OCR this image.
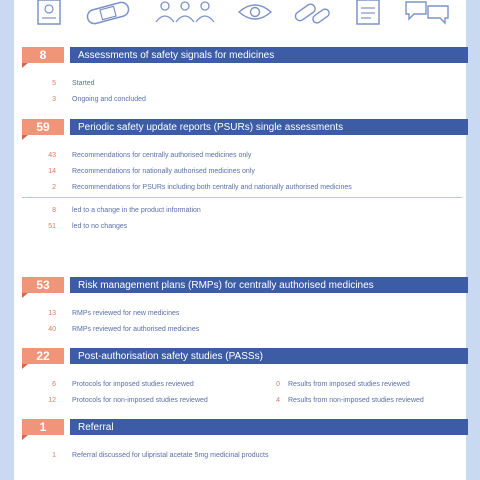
8	Assessments of safety signals for medicines
5	Started
3	Ongoing and concluded
59	Periodic safety update reports (PSURs) single assessments
43	Recommendations for centrally authorised medicines only
14	Recommendations for nationally authorised medicines only
2	Recommendations for PSURs including both centrally and nationally authorised medicines
8	led to a change in the product information
51	led to no changes
53	Risk management plans (RMPs) for centrally authorised medicines
13	RMPs reviewed for new medicines
40	RMPs reviewed for authorised medicines
22	Post-authorisation safety studies (PASSs)
6	Protocols for imposed studies reviewed	0	Results from imposed studies reviewed
12	Protocols for non-imposed studies reviewed	4	Results from non-imposed studies reviewed
1	Referral
1	Referral discussed for ulipristal acetate 5mg medicinal products
